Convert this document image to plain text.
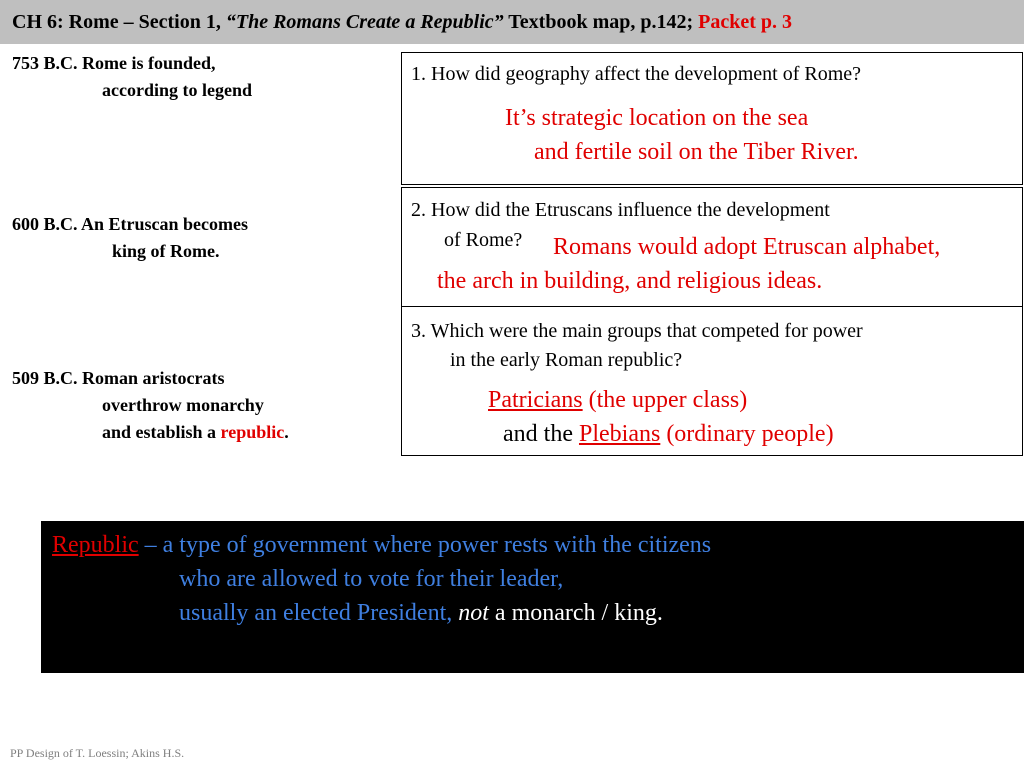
CH 6: Rome – Section 1, “The Romans Create a Republic” Textbook map, p.142; Packet p. 3
753 B.C. Rome is founded,
according to legend
600 B.C. An Etruscan becomes
king of Rome.
509 B.C. Roman aristocrats
overthrow monarchy
and establish a republic.
1. How did geography affect the development of Rome?
It’s strategic location on the sea
and fertile soil on the Tiber River.
2. How did the Etruscans influence the development
of Rome? Romans would adopt Etruscan alphabet,
the arch in building, and religious ideas.
3. Which were the main groups that competed for power
in the early Roman republic?
Patricians (the upper class)
and the Plebians (ordinary people)
Republic – a type of government where power rests with the citizens
who are allowed to vote for their leader,
usually an elected President, not a monarch / king.
PP Design of T. Loessin; Akins H.S.
